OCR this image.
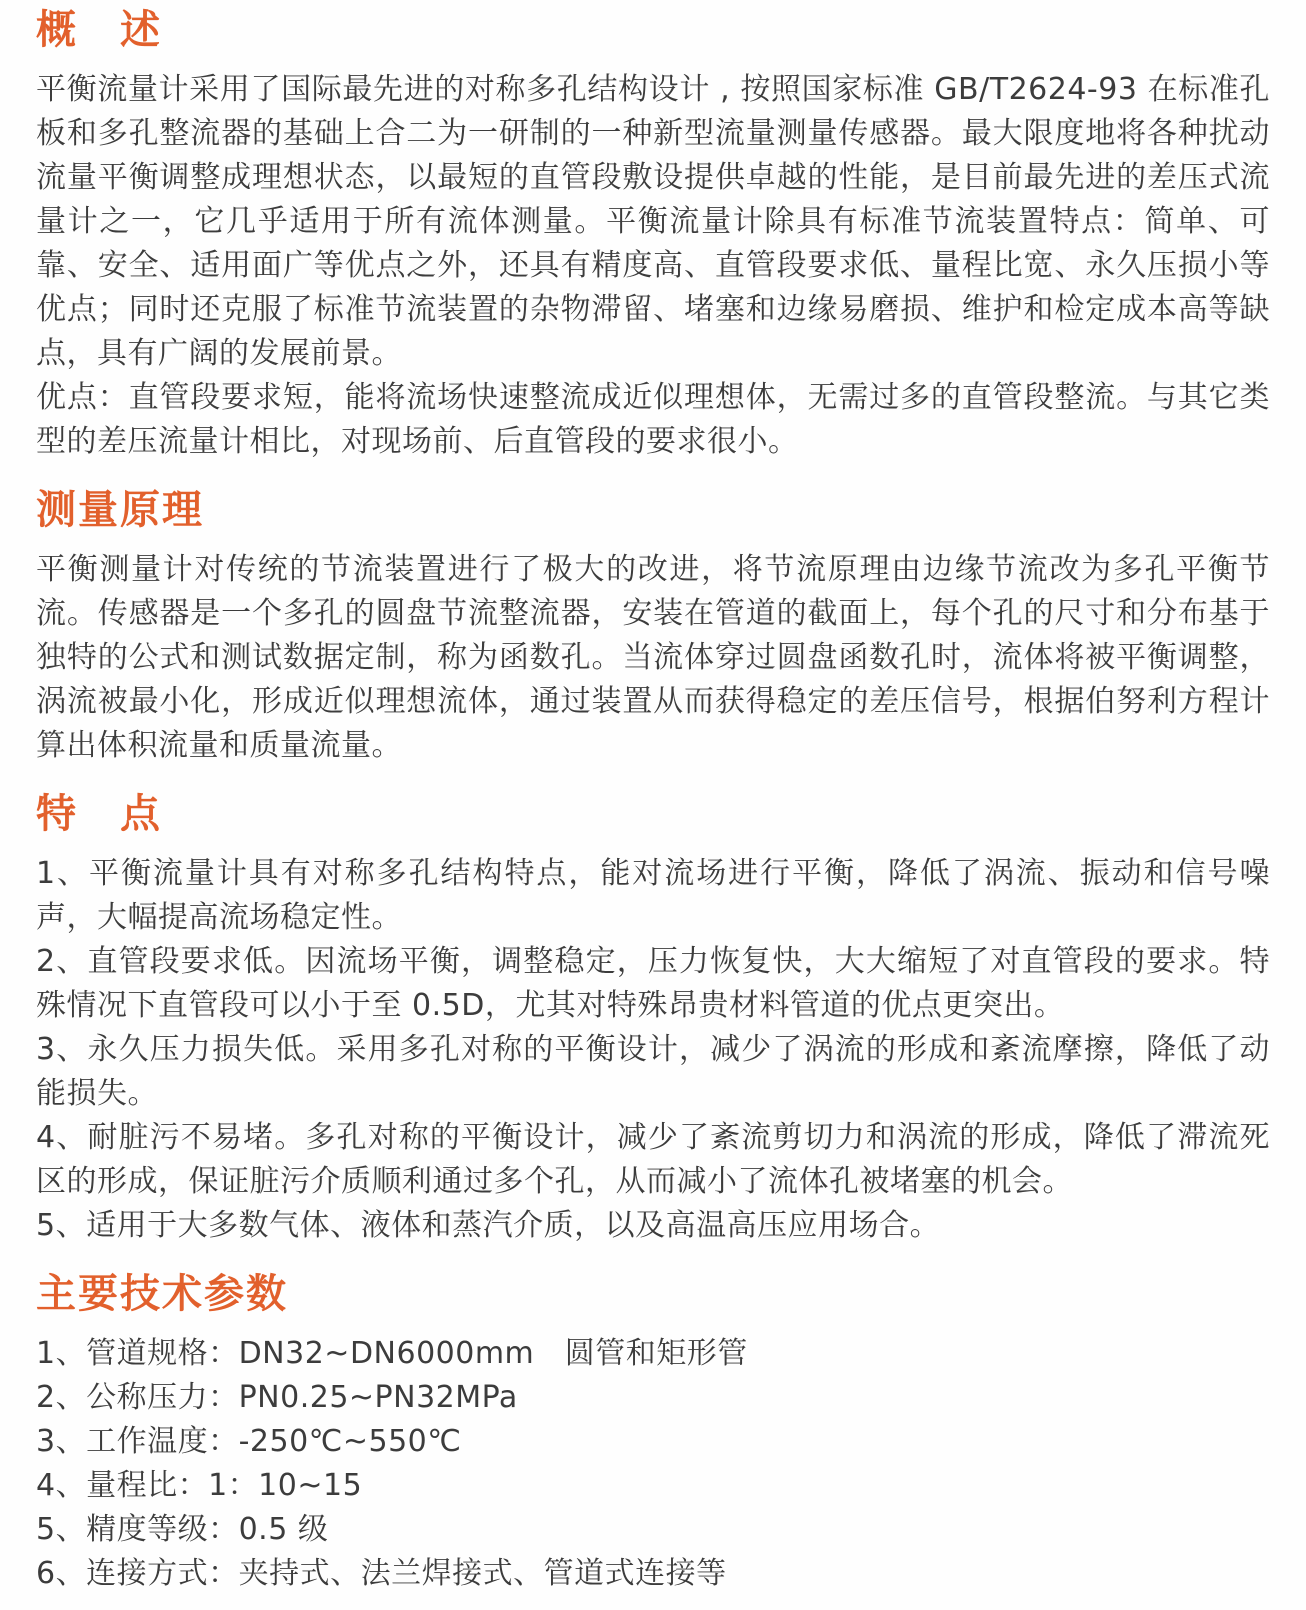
概　述

平衡流量计采用了国际最先进的对称多孔结构设计 , 按照国家标准 GB/T2624-93 在标准孔板和多孔整流器的基础上合二为一研制的一种新型流量测量传感器。最大限度地将各种扰动流量平衡调整成理想状态，以最短的直管段敷设提供卓越的性能，是目前最先进的差压式流量计之一，它几乎适用于所有流体测量。平衡流量计除具有标准节流装置特点：简单、可靠、安全、适用面广等优点之外，还具有精度高、直管段要求低、量程比宽、永久压损小等优点；同时还克服了标准节流装置的杂物滞留、堵塞和边缘易磨损、维护和检定成本高等缺点，具有广阔的发展前景。

优点：直管段要求短，能将流场快速整流成近似理想体，无需过多的直管段整流。与其它类型的差压流量计相比，对现场前、后直管段的要求很小。

测量原理

平衡测量计对传统的节流装置进行了极大的改进，将节流原理由边缘节流改为多孔平衡节流。传感器是一个多孔的圆盘节流整流器，安装在管道的截面上，每个孔的尺寸和分布基于独特的公式和测试数据定制，称为函数孔。当流体穿过圆盘函数孔时，流体将被平衡调整，涡流被最小化，形成近似理想流体，通过装置从而获得稳定的差压信号，根据伯努利方程计算出体积流量和质量流量。

特　点

1、平衡流量计具有对称多孔结构特点，能对流场进行平衡，降低了涡流、振动和信号噪声，大幅提高流场稳定性。

2、直管段要求低。因流场平衡，调整稳定，压力恢复快，大大缩短了对直管段的要求。特殊情况下直管段可以小于至 0.5D，尤其对特殊昂贵材料管道的优点更突出。

3、永久压力损失低。采用多孔对称的平衡设计，减少了涡流的形成和紊流摩擦，降低了动能损失。

4、耐脏污不易堵。多孔对称的平衡设计，减少了紊流剪切力和涡流的形成，降低了滞流死区的形成，保证脏污介质顺利通过多个孔，从而减小了流体孔被堵塞的机会。

5、适用于大多数气体、液体和蒸汽介质，以及高温高压应用场合。

主要技术参数

1、管道规格：DN32~DN6000mm　圆管和矩形管

2、公称压力：PN0.25~PN32MPa

3、工作温度：-250℃~550℃

4、量程比：1：10~15

5、精度等级：0.5 级

6、连接方式：夹持式、法兰焊接式、管道式连接等
